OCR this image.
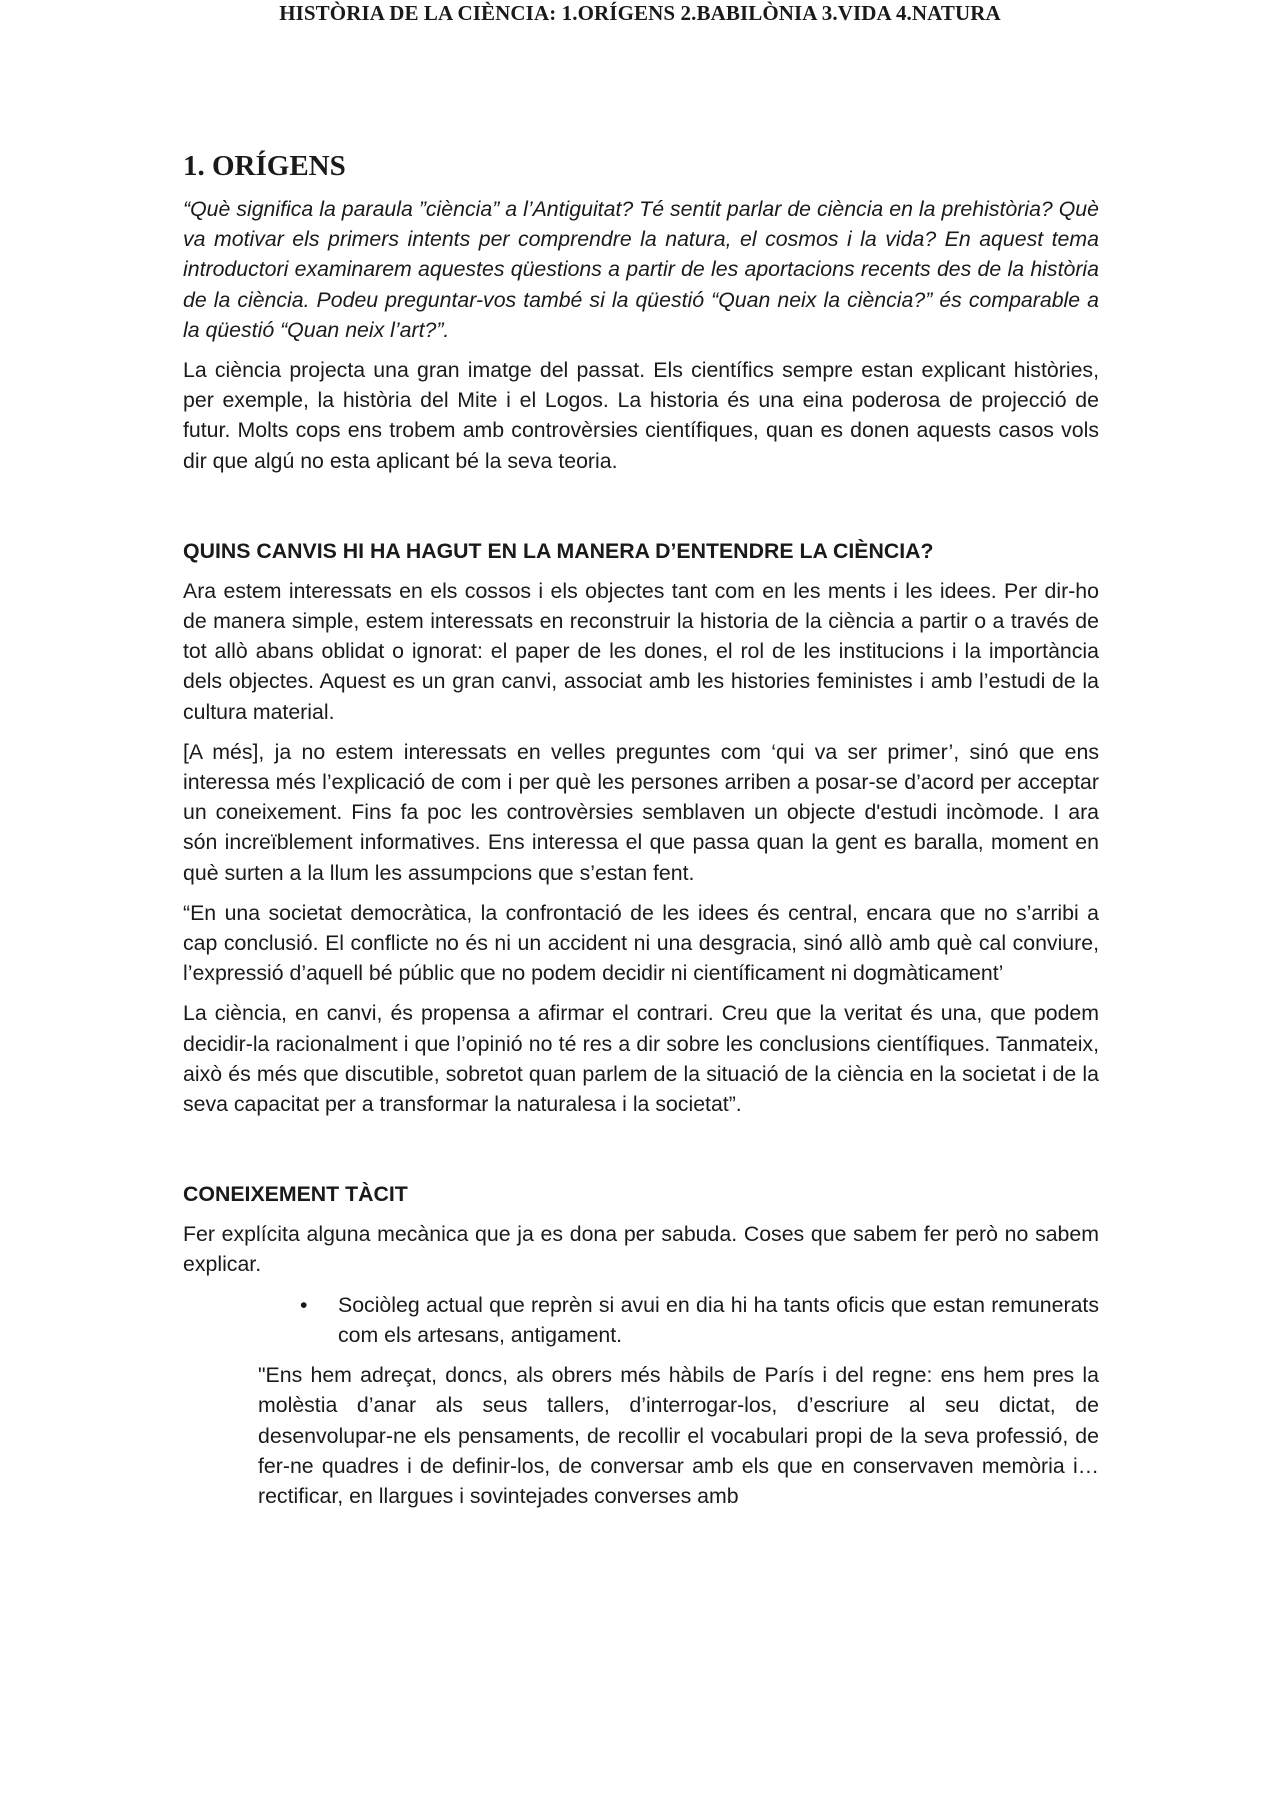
HISTÒRIA DE LA CIÈNCIA: 1.ORÍGENS 2.BABILÒNIA 3.VIDA 4.NATURA
1. ORÍGENS

“Què significa la paraula ”ciència” a l’Antiguitat? Té sentit parlar de ciència en la prehistòria? Què va motivar els primers intents per comprendre la natura, el cosmos i la vida? En aquest tema introductori examinarem aquestes qüestions a partir de les aportacions recents des de la història de la ciència. Podeu preguntar-vos també si la qüestió “Quan neix la ciència?” és comparable a la qüestió “Quan neix l’art?”.

La ciència projecta una gran imatge del passat. Els científics sempre estan explicant històries, per exemple, la història del Mite i el Logos. La historia és una eina poderosa de projecció de futur. Molts cops ens trobem amb controvèrsies científiques, quan es donen aquests casos vols dir que algú no esta aplicant bé la seva teoria.

QUINS CANVIS HI HA HAGUT EN LA MANERA D’ENTENDRE LA CIÈNCIA?

Ara estem interessats en els cossos i els objectes tant com en les ments i les idees. Per dir-ho de manera simple, estem interessats en reconstruir la historia de la ciència a partir o a través de tot allò abans oblidat o ignorat: el paper de les dones, el rol de les institucions i la importància dels objectes. Aquest es un gran canvi, associat amb les histories feministes i amb l’estudi de la cultura material.

[A més], ja no estem interessats en velles preguntes com ‘qui va ser primer’, sinó que ens interessa més l’explicació de com i per què les persones arriben a posar-se d’acord per acceptar un coneixement. Fins fa poc les controvèrsies semblaven un objecte d'estudi incòmode. I ara són increïblement informatives. Ens interessa el que passa quan la gent es baralla, moment en què surten a la llum les assumpcions que s’estan fent.

“En una societat democràtica, la confrontació de les idees és central, encara que no s’arribi a cap conclusió. El conflicte no és ni un accident ni una desgracia, sinó allò amb què cal conviure, l’expressió d’aquell bé públic que no podem decidir ni científicament ni dogmàticament’

La ciència, en canvi, és propensa a afirmar el contrari. Creu que la veritat és una, que podem decidir-la racionalment i que l’opinió no té res a dir sobre les conclusions científiques. Tanmateix, això és més que discutible, sobretot quan parlem de la situació de la ciència en la societat i de la seva capacitat per a transformar la naturalesa i la societat”.

CONEIXEMENT TÀCIT

Fer explícita alguna mecànica que ja es dona per sabuda. Coses que sabem fer però no sabem explicar.

• Sociòleg actual que reprèn si avui en dia hi ha tants oficis que estan remunerats com els artesans, antigament.

"Ens hem adreçat, doncs, als obrers més hàbils de París i del regne: ens hem pres la molèstia d’anar als seus tallers, d’interrogar-los, d’escriure al seu dictat, de desenvolupar-ne els pensaments, de recollir el vocabulari propi de la seva professió, de fer-ne quadres i de definir-los, de conversar amb els que en conservaven memòria i… rectificar, en llargues i sovintejades converses amb
